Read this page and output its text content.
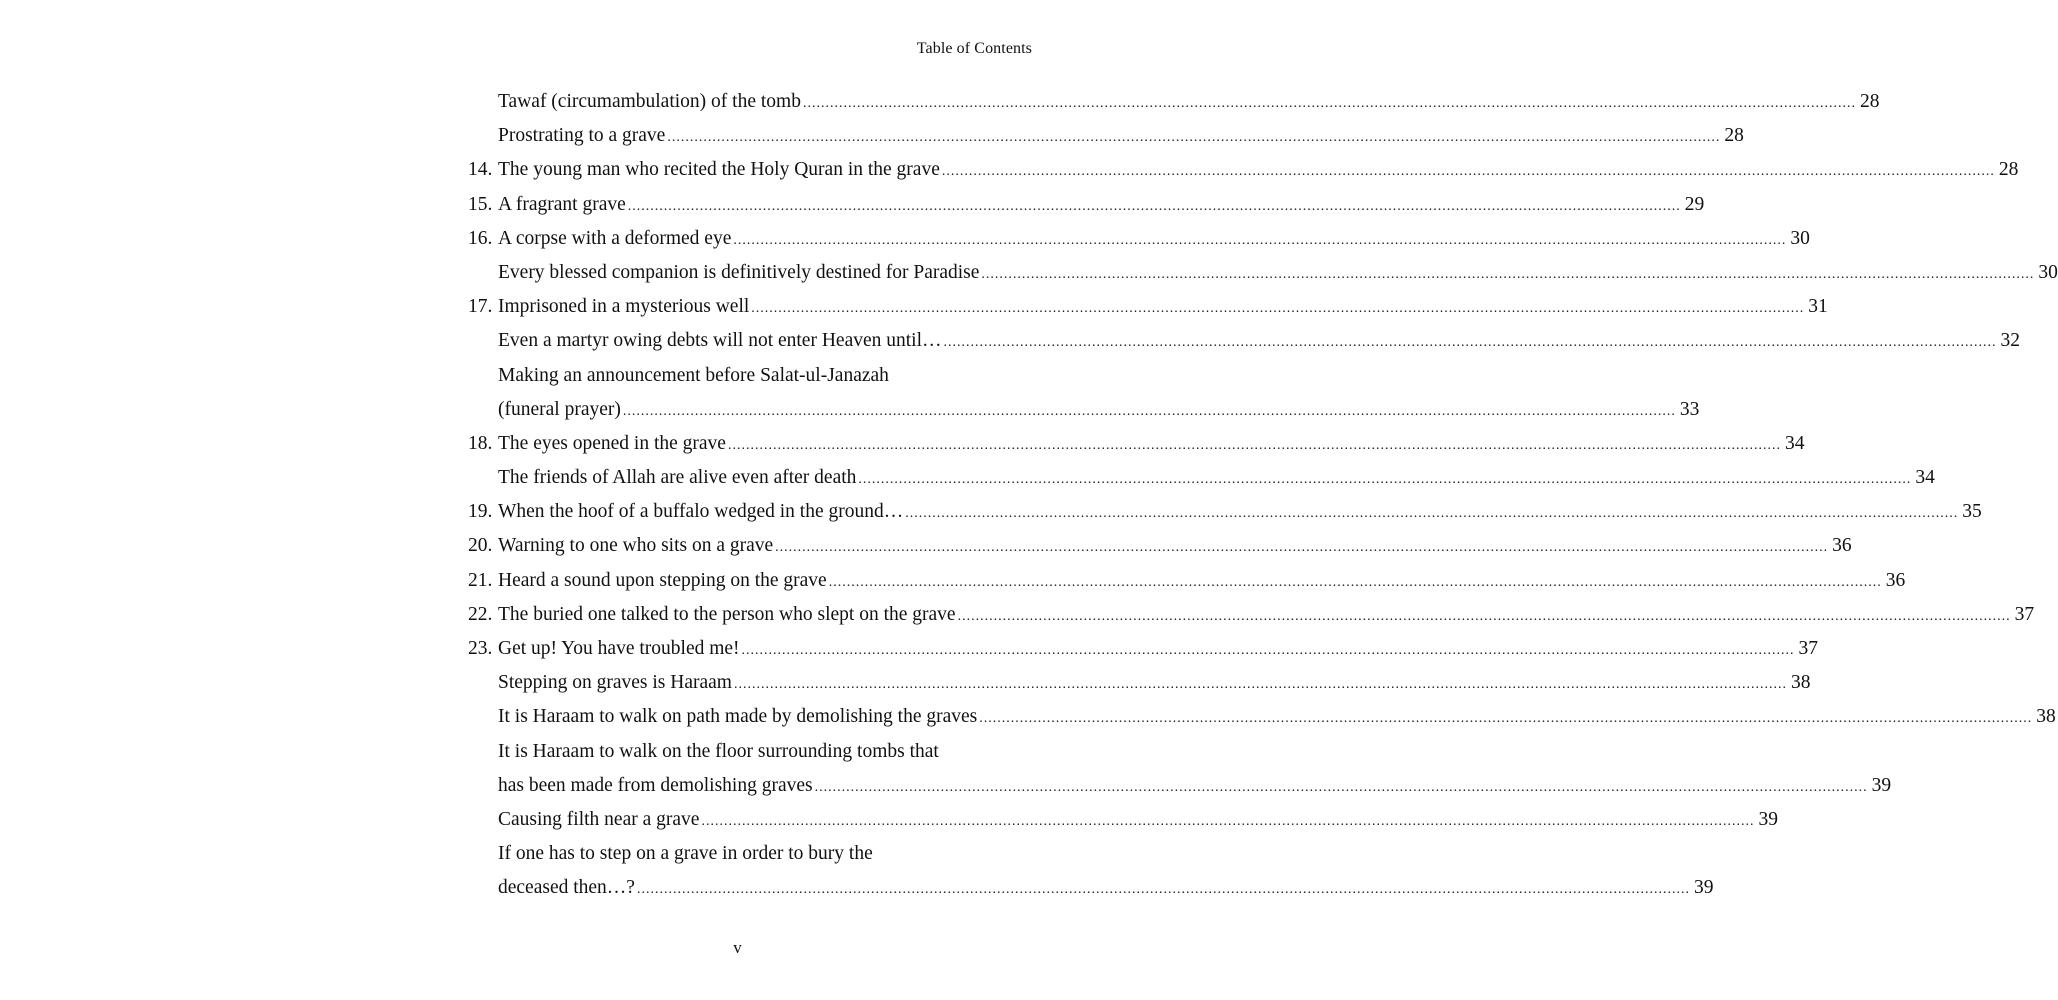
Table of Contents
Tawaf (circumambulation) of the tomb .....	28
Prostrating to a grave .....	28
14. The young man who recited the Holy Quran in the grave .....	28
15. A fragrant grave .....	29
16. A corpse with a deformed eye .....	30
Every blessed companion is definitively destined for Paradise .....	30
17. Imprisoned in a mysterious well .....	31
Even a martyr owing debts will not enter Heaven until… .....	32
Making an announcement before Salat-ul-Janazah
(funeral prayer) .....	33
18. The eyes opened in the grave .....	34
The friends of Allah are alive even after death .....	34
19. When the hoof of a buffalo wedged in the ground… .....	35
20. Warning to one who sits on a grave .....	36
21. Heard a sound upon stepping on the grave .....	36
22. The buried one talked to the person who slept on the grave .....	37
23. Get up! You have troubled me! .....	37
Stepping on graves is Haraam .....	38
It is Haraam to walk on path made by demolishing the graves .....	38
It is Haraam to walk on the floor surrounding tombs that
has been made from demolishing graves .....	39
Causing filth near a grave .....	39
If one has to step on a grave in order to bury the
deceased then…? .....	39
v
